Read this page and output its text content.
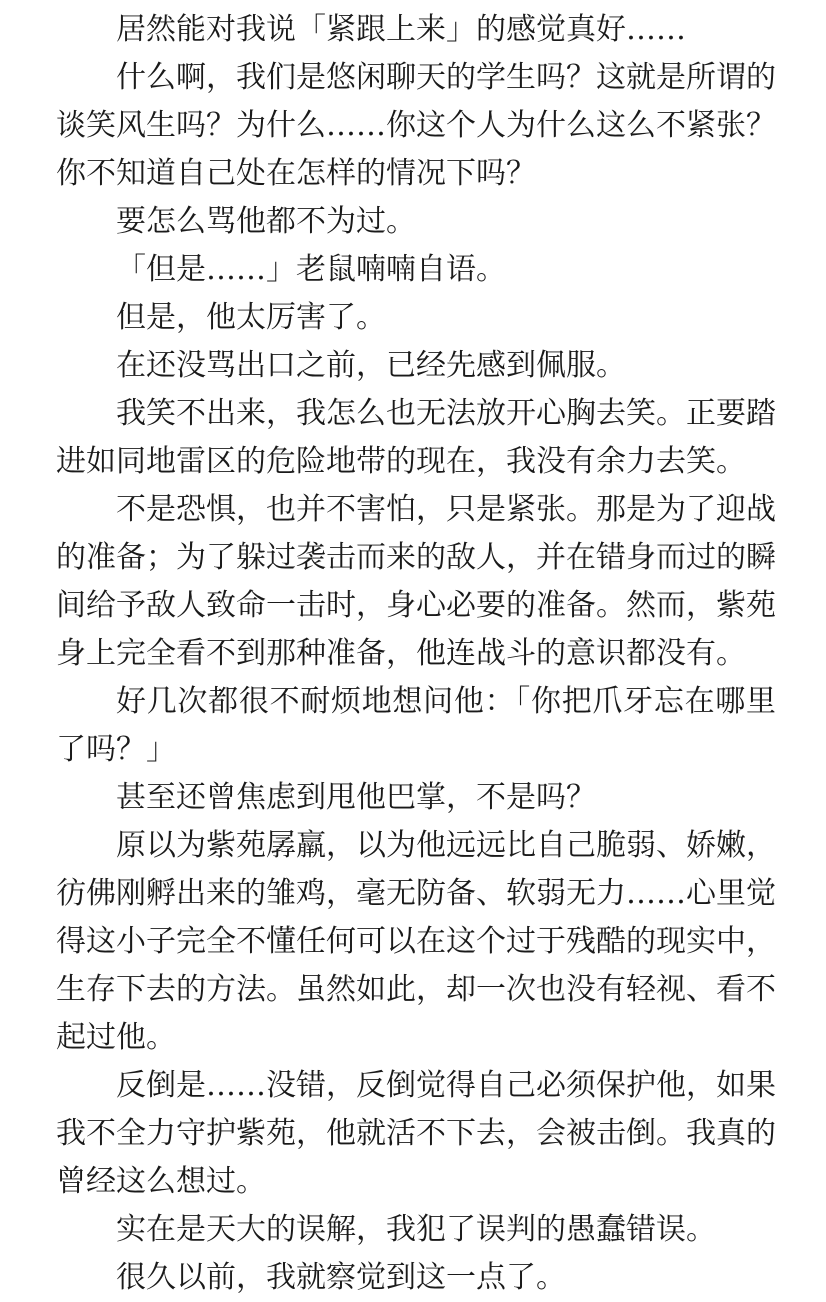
居然能对我说「紧跟上来」的感觉真好……

什么啊，我们是悠闲聊天的学生吗？这就是所谓的谈笑风生吗？为什么……你这个人为什么这么不紧张？你不知道自己处在怎样的情况下吗？

要怎么骂他都不为过。

「但是……」老鼠喃喃自语。

但是，他太厉害了。

在还没骂出口之前，已经先感到佩服。

我笑不出来，我怎么也无法放开心胸去笑。正要踏进如同地雷区的危险地带的现在，我没有余力去笑。

不是恐惧，也并不害怕，只是紧张。那是为了迎战的准备；为了躲过袭击而来的敌人，并在错身而过的瞬间给予敌人致命一击时，身心必要的准备。然而，紫苑身上完全看不到那种准备，他连战斗的意识都没有。

好几次都很不耐烦地想问他：「你把爪牙忘在哪里了吗？」

甚至还曾焦虑到甩他巴掌，不是吗？

原以为紫苑孱羸，以为他远远比自己脆弱、娇嫩，彷佛刚孵出来的雏鸡，毫无防备、软弱无力……心里觉得这小子完全不懂任何可以在这个过于残酷的现实中，生存下去的方法。虽然如此，却一次也没有轻视、看不起过他。

反倒是……没错，反倒觉得自己必须保护他，如果我不全力守护紫苑，他就活不下去，会被击倒。我真的曾经这么想过。

实在是天大的误解，我犯了误判的愚蠢错误。

很久以前，我就察觉到这一点了。
